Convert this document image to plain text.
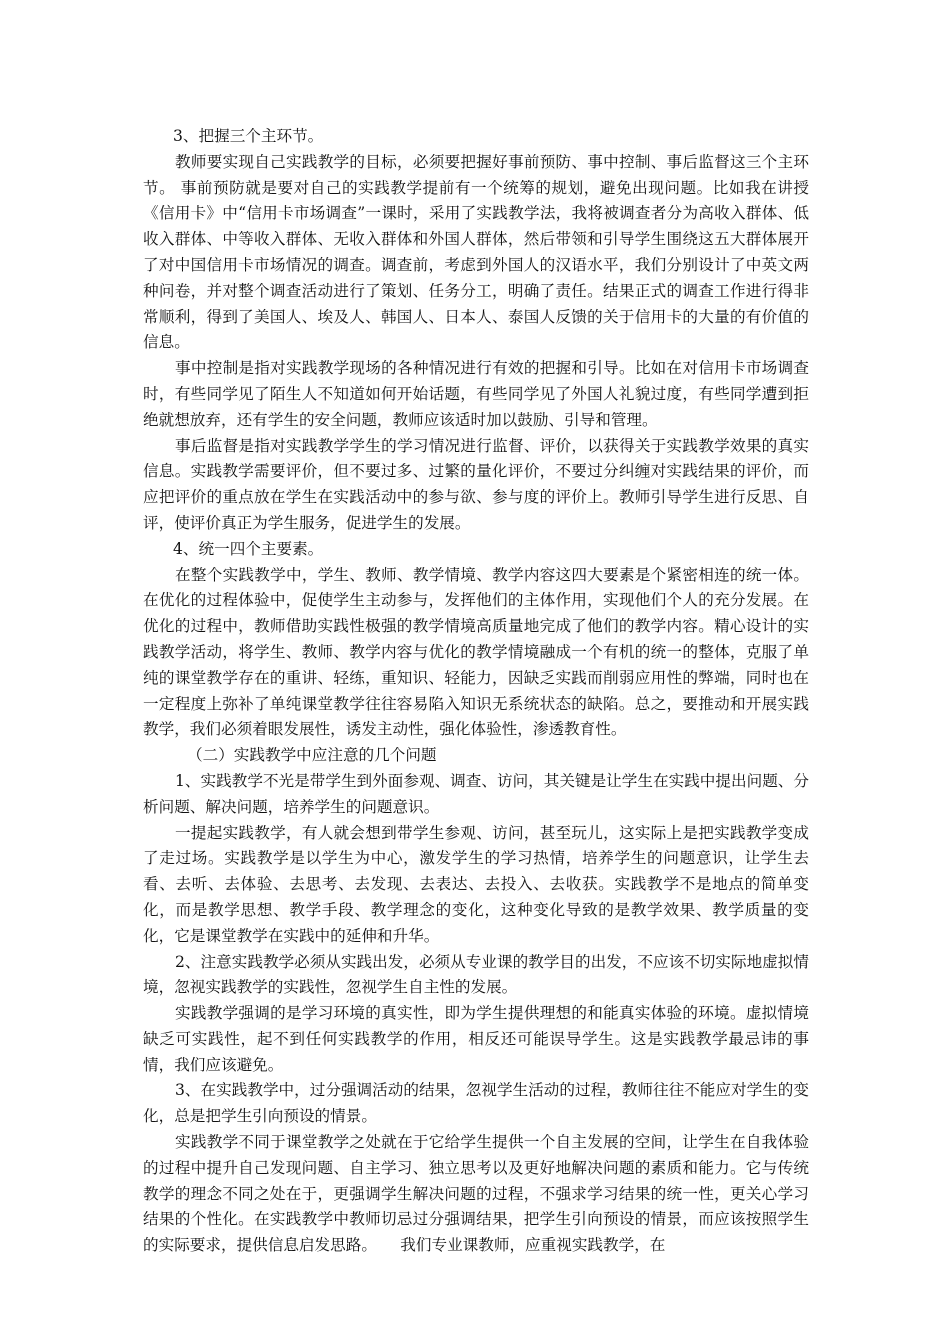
3、把握三个主环节。

教师要实现自己实践教学的目标，必须要把握好事前预防、事中控制、事后监督这三个主环节。 事前预防就是要对自己的实践教学提前有一个统筹的规划，避免出现问题。比如我在讲授《信用卡》中“信用卡市场调查”一课时，采用了实践教学法，我将被调查者分为高收入群体、低收入群体、中等收入群体、无收入群体和外国人群体，然后带领和引导学生围绕这五大群体展开了对中国信用卡市场情况的调查。调查前，考虑到外国人的汉语水平，我们分别设计了中英文两种问卷，并对整个调查活动进行了策划、任务分工，明确了责任。结果正式的调查工作进行得非常顺利，得到了美国人、埃及人、韩国人、日本人、泰国人反馈的关于信用卡的大量的有价值的信息。

事中控制是指对实践教学现场的各种情况进行有效的把握和引导。比如在对信用卡市场调查时，有些同学见了陌生人不知道如何开始话题，有些同学见了外国人礼貌过度，有些同学遭到拒绝就想放弃，还有学生的安全问题，教师应该适时加以鼓励、引导和管理。

事后监督是指对实践教学学生的学习情况进行监督、评价，以获得关于实践教学效果的真实信息。实践教学需要评价，但不要过多、过繁的量化评价，不要过分纠缠对实践结果的评价，而应把评价的重点放在学生在实践活动中的参与欲、参与度的评价上。教师引导学生进行反思、自评，使评价真正为学生服务，促进学生的发展。

4、统一四个主要素。

在整个实践教学中，学生、教师、教学情境、教学内容这四大要素是个紧密相连的统一体。在优化的过程体验中，促使学生主动参与，发挥他们的主体作用，实现他们个人的充分发展。在优化的过程中，教师借助实践性极强的教学情境高质量地完成了他们的教学内容。精心设计的实践教学活动，将学生、教师、教学内容与优化的教学情境融成一个有机的统一的整体，克服了单纯的课堂教学存在的重讲、轻练，重知识、轻能力，因缺乏实践而削弱应用性的弊端，同时也在一定程度上弥补了单纯课堂教学往往容易陷入知识无系统状态的缺陷。总之，要推动和开展实践教学，我们必须着眼发展性，诱发主动性，强化体验性，渗透教育性。

（二）实践教学中应注意的几个问题

1、实践教学不光是带学生到外面参观、调查、访问，其关键是让学生在实践中提出问题、分析问题、解决问题，培养学生的问题意识。

一提起实践教学，有人就会想到带学生参观、访问，甚至玩儿，这实际上是把实践教学变成了走过场。实践教学是以学生为中心，激发学生的学习热情，培养学生的问题意识，让学生去看、去听、去体验、去思考、去发现、去表达、去投入、去收获。实践教学不是地点的简单变化，而是教学思想、教学手段、教学理念的变化，这种变化导致的是教学效果、教学质量的变化，它是课堂教学在实践中的延伸和升华。

2、注意实践教学必须从实践出发，必须从专业课的教学目的出发，不应该不切实际地虚拟情境，忽视实践教学的实践性，忽视学生自主性的发展。

实践教学强调的是学习环境的真实性，即为学生提供理想的和能真实体验的环境。虚拟情境缺乏可实践性，起不到任何实践教学的作用，相反还可能误导学生。这是实践教学最忌讳的事情，我们应该避免。

3、在实践教学中，过分强调活动的结果，忽视学生活动的过程，教师往往不能应对学生的变化，总是把学生引向预设的情景。

实践教学不同于课堂教学之处就在于它给学生提供一个自主发展的空间，让学生在自我体验的过程中提升自己发现问题、自主学习、独立思考以及更好地解决问题的素质和能力。它与传统教学的理念不同之处在于，更强调学生解决问题的过程，不强求学习结果的统一性，更关心学习结果的个性化。在实践教学中教师切忌过分强调结果，把学生引向预设的情景，而应该按照学生的实际要求，提供信息启发思路。　　我们专业课教师，应重视实践教学，在
